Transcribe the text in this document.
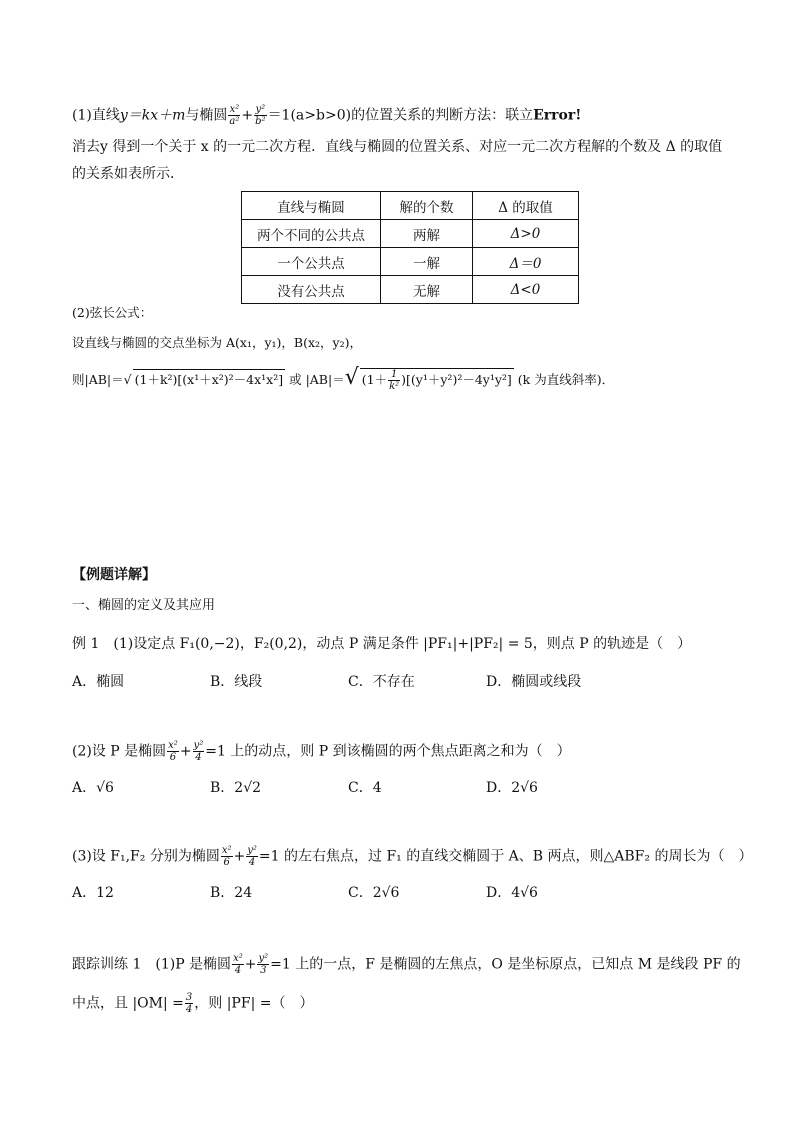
(1)直线y＝kx＋m与椭圆 $\frac{\text{x²}}{\text{a²}} + \frac{\text{y²}}{\text{b²}} =1(a>b>0)$的位置关系的判断方法：联立Error!
消去y 得到一个关于 x 的一元二次方程．直线与椭圆的位置关系、对应一元二次方程解的个数及 Δ 的取值
的关系如表所示．
直线与椭圆	解的个数	Δ 的取值
两个不同的公共点	两解	Δ>0
一个公共点	一解	Δ＝0
没有公共点	无解	Δ<0
(2)弦长公式：
设直线与椭圆的交点坐标为 A(x₁，y₁)，B(x₂，y₂)，
则|AB|＝√ (1＋k²)[(x¹＋x²)²－4x¹x²] 或 |AB|＝√ $(1+ \frac{1}{\text{k²}} )[(y^1+y^2)^2-4y^1y^2]$ (k 为直线斜率)．
【例题详解】
一、椭圆的定义及其应用
例 1　(1)设定点 F₁(0,−2)，F₂(0,2)，动点 P 满足条件 |PF₁|+|PF₂| = 5，则点 P 的轨迹是（　）
A．椭圆	B．线段	C．不存在	D．椭圆或线段
(2)设 P 是椭圆 $\frac{\text{x²}}{6} + \frac{\text{y²}}{4} =1$ 上的动点，则 P 到该椭圆的两个焦点距离之和为（　）
A．√6	B．2√2	C．4	D．2√6
(3)设 F₁,F₂ 分别为椭圆 $\frac{\text{x²}}{6} + \frac{\text{y²}}{4} =1$ 的左右焦点，过 F₁ 的直线交椭圆于 A、B 两点，则△ABF₂ 的周长为（　）
A．12	B．24	C．2√6	D．4√6
跟踪训练 1　(1)P 是椭圆 $\frac{\text{x²}}{4} + \frac{\text{y²}}{3} =1$ 上的一点，F 是椭圆的左焦点，O 是坐标原点，已知点 M 是线段 PF 的
中点，且 $|OM| = \frac{3}{4}$ ，则 |PF| =（　）
